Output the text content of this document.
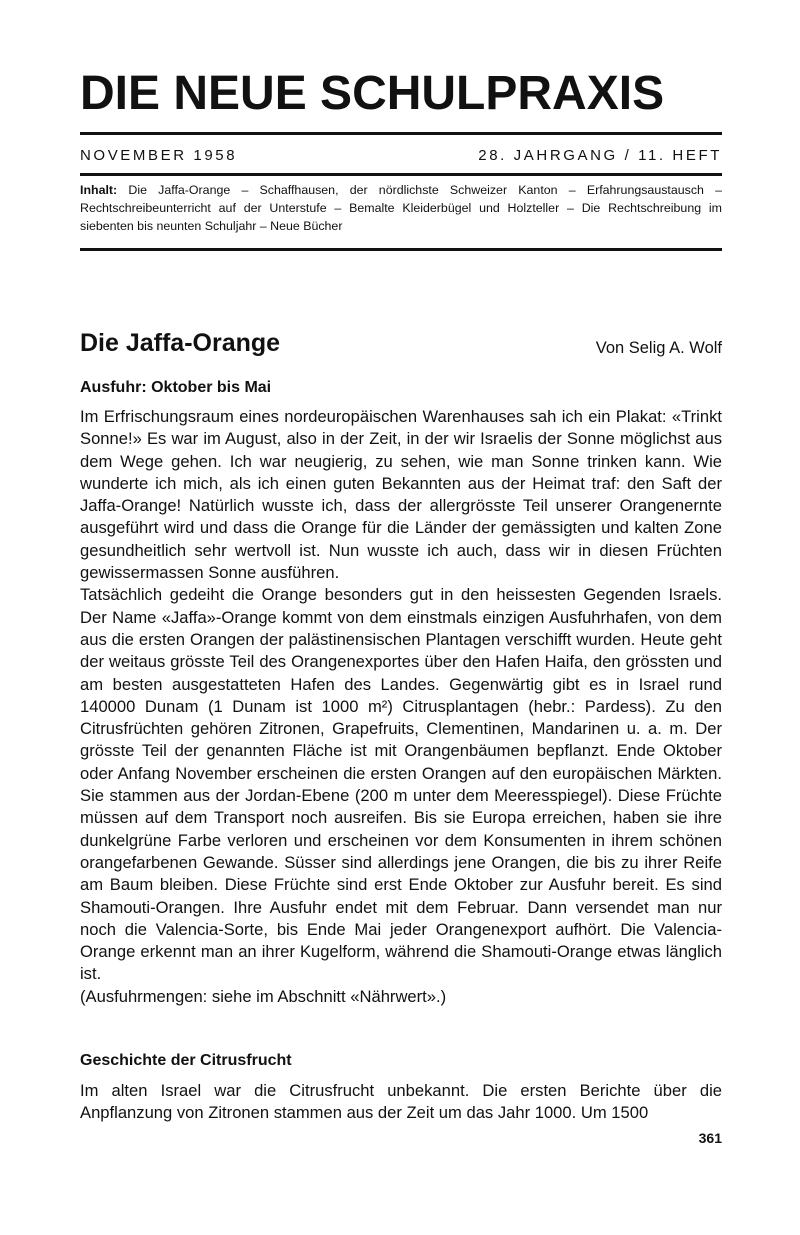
DIE NEUE SCHULPRAXIS
NOVEMBER 1958	28. JAHRGANG / 11. HEFT
Inhalt: Die Jaffa-Orange – Schaffhausen, der nördlichste Schweizer Kanton – Erfahrungsaustausch – Rechtschreibeunterricht auf der Unterstufe – Bemalte Kleiderbügel und Holzteller – Die Rechtschreibung im siebenten bis neunten Schuljahr – Neue Bücher
Die Jaffa-Orange	Von Selig A. Wolf
Ausfuhr: Oktober bis Mai

Im Erfrischungsraum eines nordeuropäischen Warenhauses sah ich ein Plakat: «Trinkt Sonne!» Es war im August, also in der Zeit, in der wir Israelis der Sonne möglichst aus dem Wege gehen. Ich war neugierig, zu sehen, wie man Sonne trinken kann. Wie wunderte ich mich, als ich einen guten Bekannten aus der Heimat traf: den Saft der Jaffa-Orange! Natürlich wusste ich, dass der allergrösste Teil unserer Orangenernte ausgeführt wird und dass die Orange für die Länder der gemässigten und kalten Zone gesundheitlich sehr wertvoll ist. Nun wusste ich auch, dass wir in diesen Früchten gewissermassen Sonne ausführen.

Tatsächlich gedeiht die Orange besonders gut in den heissesten Gegenden Israels. Der Name «Jaffa»-Orange kommt von dem einstmals einzigen Ausfuhrhafen, von dem aus die ersten Orangen der palästinensischen Plantagen verschifft wurden. Heute geht der weitaus grösste Teil des Orangenexportes über den Hafen Haifa, den grössten und am besten ausgestatteten Hafen des Landes. Gegenwärtig gibt es in Israel rund 140000 Dunam (1 Dunam ist 1000 m²) Citrusplantagen (hebr.: Pardess). Zu den Citrusfrüchten gehören Zitronen, Grapefruits, Clementinen, Mandarinen u. a. m. Der grösste Teil der genannten Fläche ist mit Orangenbäumen bepflanzt. Ende Oktober oder Anfang November erscheinen die ersten Orangen auf den europäischen Märkten. Sie stammen aus der Jordan-Ebene (200 m unter dem Meeresspiegel). Diese Früchte müssen auf dem Transport noch ausreifen. Bis sie Europa erreichen, haben sie ihre dunkelgrüne Farbe verloren und erscheinen vor dem Konsumenten in ihrem schönen orangefarbenen Gewande. Süsser sind allerdings jene Orangen, die bis zu ihrer Reife am Baum bleiben. Diese Früchte sind erst Ende Oktober zur Ausfuhr bereit. Es sind Shamouti-Orangen. Ihre Ausfuhr endet mit dem Februar. Dann versendet man nur noch die Valencia-Sorte, bis Ende Mai jeder Orangenexport aufhört. Die Valencia-Orange erkennt man an ihrer Kugelform, während die Shamouti-Orange etwas länglich ist.

(Ausfuhrmengen: siehe im Abschnitt «Nährwert».)

Geschichte der Citrusfrucht
Im alten Israel war die Citrusfrucht unbekannt. Die ersten Berichte über die Anpflanzung von Zitronen stammen aus der Zeit um das Jahr 1000. Um 1500
361
